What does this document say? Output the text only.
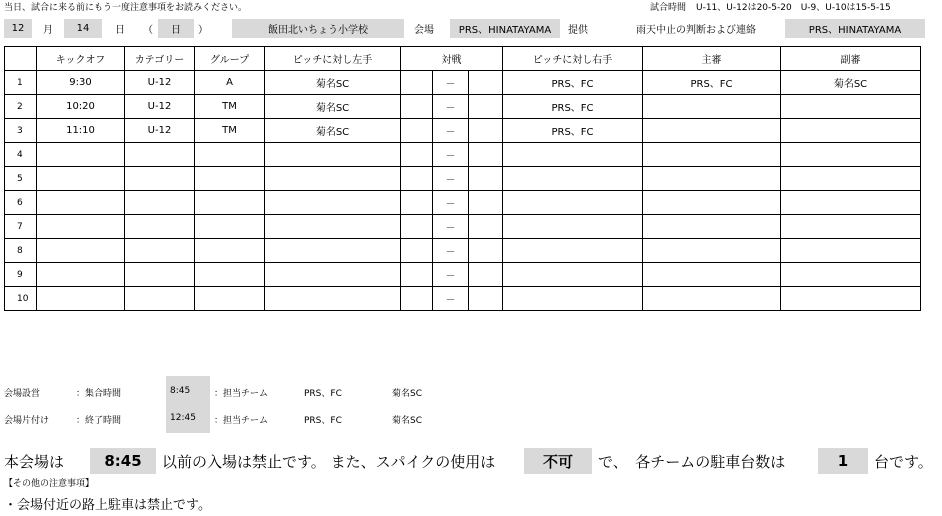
当日、試合に来る前にもう一度注意事項をお読みください。	試合時間 U-11、U-12は20-5-20　U-9、U-10は15-5-15
12	月	14	日	（	日	）	飯田北いちょう小学校	会場	PRS、HINATAYAMA	提供	雨天中止の判断および連絡	PRS、HINATAYAMA
	キックオフ	カテゴリー	グループ	ピッチに対し左手	対戦			ピッチに対し右手	主審	副審
1	9:30	U-12	A	菊名SC		－		PRS、FC	PRS、FC	菊名SC
2	10:20	U-12	TM	菊名SC		－		PRS、FC		
3	11:10	U-12	TM	菊名SC		－		PRS、FC		
4						－				
5						－				
6						－				
7						－				
8						－				
9						－				
10						－				
会場設営	：集合時間	8:45	：担当チーム	PRS、FC	菊名SC
会場片付け	：終了時間	12:45 ：担当チーム	PRS、FC	菊名SC
本会場は	8:45	以前の入場は禁止です。 また、スパイクの使用は	不可	で、　各チームの駐車台数は	1	台です。
【その他の注意事項】
・会場付近の路上駐車は禁止です。
